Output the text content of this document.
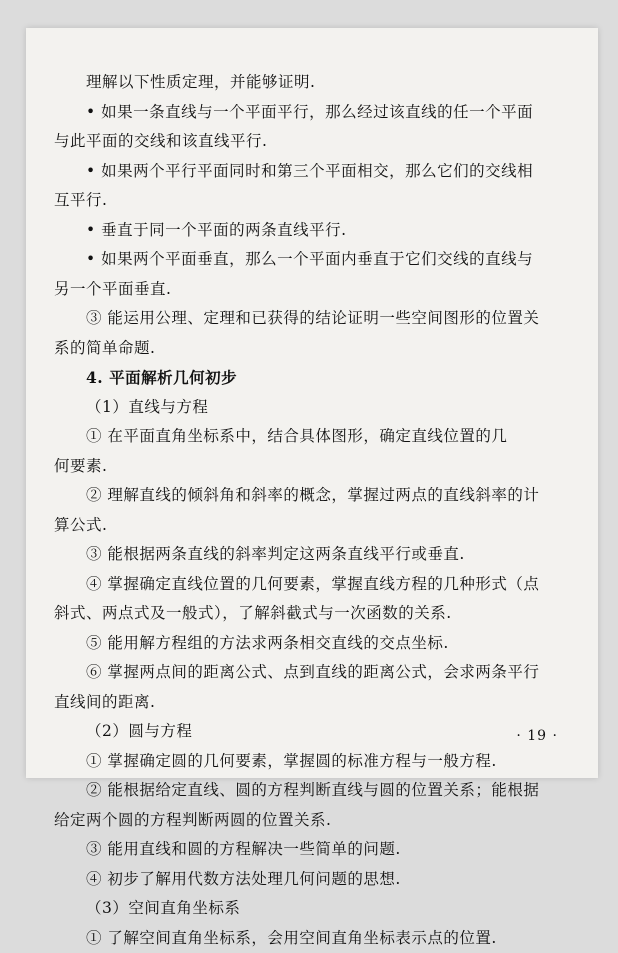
理解以下性质定理，并能够证明.
• 如果一条直线与一个平面平行，那么经过该直线的任一个平面
与此平面的交线和该直线平行.
• 如果两个平行平面同时和第三个平面相交，那么它们的交线相
互平行.
• 垂直于同一个平面的两条直线平行.
• 如果两个平面垂直，那么一个平面内垂直于它们交线的直线与
另一个平面垂直.
③ 能运用公理、定理和已获得的结论证明一些空间图形的位置关
系的简单命题.
4. 平面解析几何初步
（1）直线与方程
① 在平面直角坐标系中，结合具体图形，确定直线位置的几
何要素.
② 理解直线的倾斜角和斜率的概念，掌握过两点的直线斜率的计
算公式.
③ 能根据两条直线的斜率判定这两条直线平行或垂直.
④ 掌握确定直线位置的几何要素，掌握直线方程的几种形式（点
斜式、两点式及一般式），了解斜截式与一次函数的关系.
⑤ 能用解方程组的方法求两条相交直线的交点坐标.
⑥ 掌握两点间的距离公式、点到直线的距离公式，会求两条平行
直线间的距离.
（2）圆与方程
① 掌握确定圆的几何要素，掌握圆的标准方程与一般方程.
② 能根据给定直线、圆的方程判断直线与圆的位置关系；能根据
给定两个圆的方程判断两圆的位置关系.
③ 能用直线和圆的方程解决一些简单的问题.
④ 初步了解用代数方法处理几何问题的思想.
（3）空间直角坐标系
① 了解空间直角坐标系，会用空间直角坐标表示点的位置.
· 19 ·
